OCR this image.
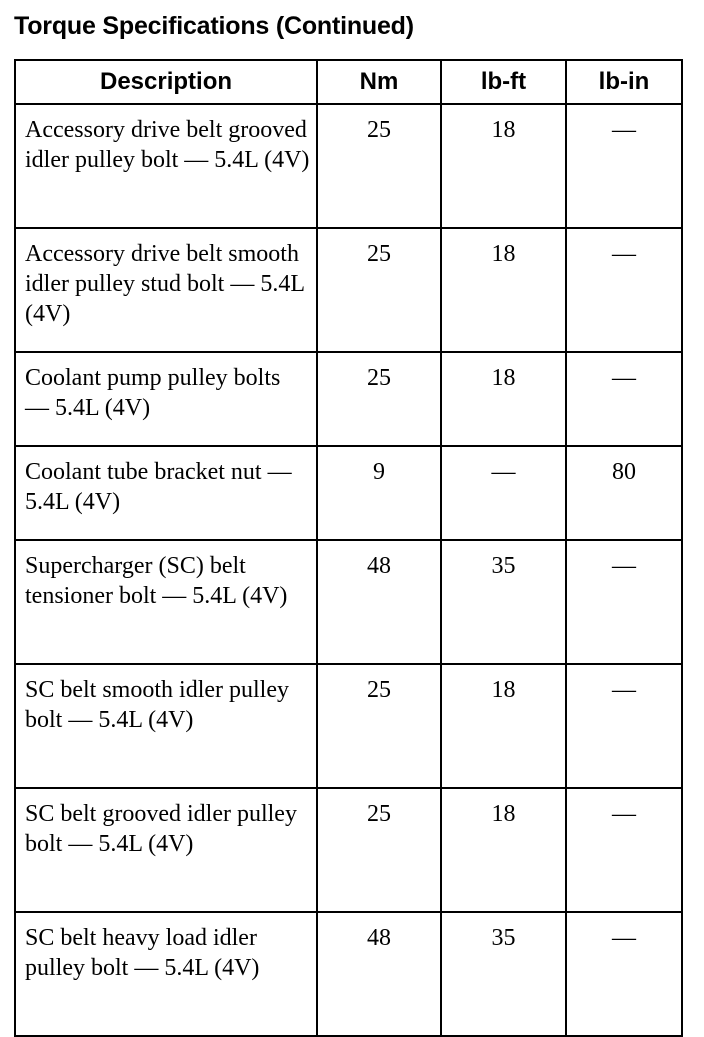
Torque Specifications (Continued)
Description	Nm	lb-ft	lb-in
Accessory drive belt grooved idler pulley bolt — 5.4L (4V)	25	18	—
Accessory drive belt smooth idler pulley stud bolt — 5.4L (4V)	25	18	—
Coolant pump pulley bolts — 5.4L (4V)	25	18	—
Coolant tube bracket nut — 5.4L (4V)	9	—	80
Supercharger (SC) belt tensioner bolt — 5.4L (4V)	48	35	—
SC belt smooth idler pulley bolt — 5.4L (4V)	25	18	—
SC belt grooved idler pulley bolt — 5.4L (4V)	25	18	—
SC belt heavy load idler pulley bolt — 5.4L (4V)	48	35	—
